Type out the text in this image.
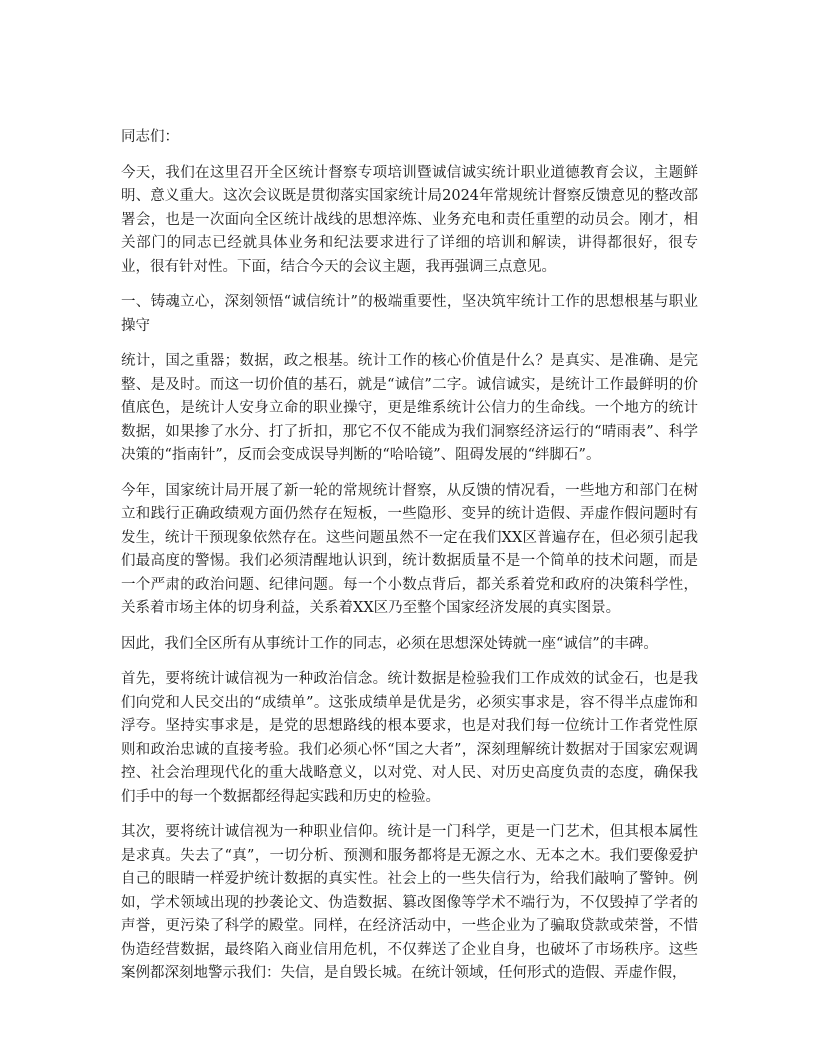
同志们：

今天，我们在这里召开全区统计督察专项培训暨诚信诚实统计职业道德教育会议，主题鲜明、意义重大。这次会议既是贯彻落实国家统计局2024年常规统计督察反馈意见的整改部署会，也是一次面向全区统计战线的思想淬炼、业务充电和责任重塑的动员会。刚才，相关部门的同志已经就具体业务和纪法要求进行了详细的培训和解读，讲得都很好，很专业，很有针对性。下面，结合今天的会议主题，我再强调三点意见。

一、铸魂立心，深刻领悟“诚信统计”的极端重要性，坚决筑牢统计工作的思想根基与职业操守

统计，国之重器；数据，政之根基。统计工作的核心价值是什么？是真实、是准确、是完整、是及时。而这一切价值的基石，就是“诚信”二字。诚信诚实，是统计工作最鲜明的价值底色，是统计人安身立命的职业操守，更是维系统计公信力的生命线。一个地方的统计数据，如果掺了水分、打了折扣，那它不仅不能成为我们洞察经济运行的“晴雨表”、科学决策的“指南针”，反而会变成误导判断的“哈哈镜”、阻碍发展的“绊脚石”。

今年，国家统计局开展了新一轮的常规统计督察，从反馈的情况看，一些地方和部门在树立和践行正确政绩观方面仍然存在短板，一些隐形、变异的统计造假、弄虚作假问题时有发生，统计干预现象依然存在。这些问题虽然不一定在我们XX区普遍存在，但必须引起我们最高度的警惕。我们必须清醒地认识到，统计数据质量不是一个简单的技术问题，而是一个严肃的政治问题、纪律问题。每一个小数点背后，都关系着党和政府的决策科学性，关系着市场主体的切身利益，关系着XX区乃至整个国家经济发展的真实图景。

因此，我们全区所有从事统计工作的同志，必须在思想深处铸就一座“诚信”的丰碑。

首先，要将统计诚信视为一种政治信念。统计数据是检验我们工作成效的试金石，也是我们向党和人民交出的“成绩单”。这张成绩单是优是劣，必须实事求是，容不得半点虚饰和浮夸。坚持实事求是，是党的思想路线的根本要求，也是对我们每一位统计工作者党性原则和政治忠诚的直接考验。我们必须心怀“国之大者”，深刻理解统计数据对于国家宏观调控、社会治理现代化的重大战略意义，以对党、对人民、对历史高度负责的态度，确保我们手中的每一个数据都经得起实践和历史的检验。

其次，要将统计诚信视为一种职业信仰。统计是一门科学，更是一门艺术，但其根本属性是求真。失去了“真”，一切分析、预测和服务都将是无源之水、无本之木。我们要像爱护自己的眼睛一样爱护统计数据的真实性。社会上的一些失信行为，给我们敲响了警钟。例如，学术领域出现的抄袭论文、伪造数据、篡改图像等学术不端行为，不仅毁掉了学者的声誉，更污染了科学的殿堂。同样，在经济活动中，一些企业为了骗取贷款或荣誉，不惜伪造经营数据，最终陷入商业信用危机，不仅葬送了企业自身，也破坏了市场秩序。这些案例都深刻地警示我们：失信，是自毁长城。在统计领域，任何形式的造假、弄虚作假，
